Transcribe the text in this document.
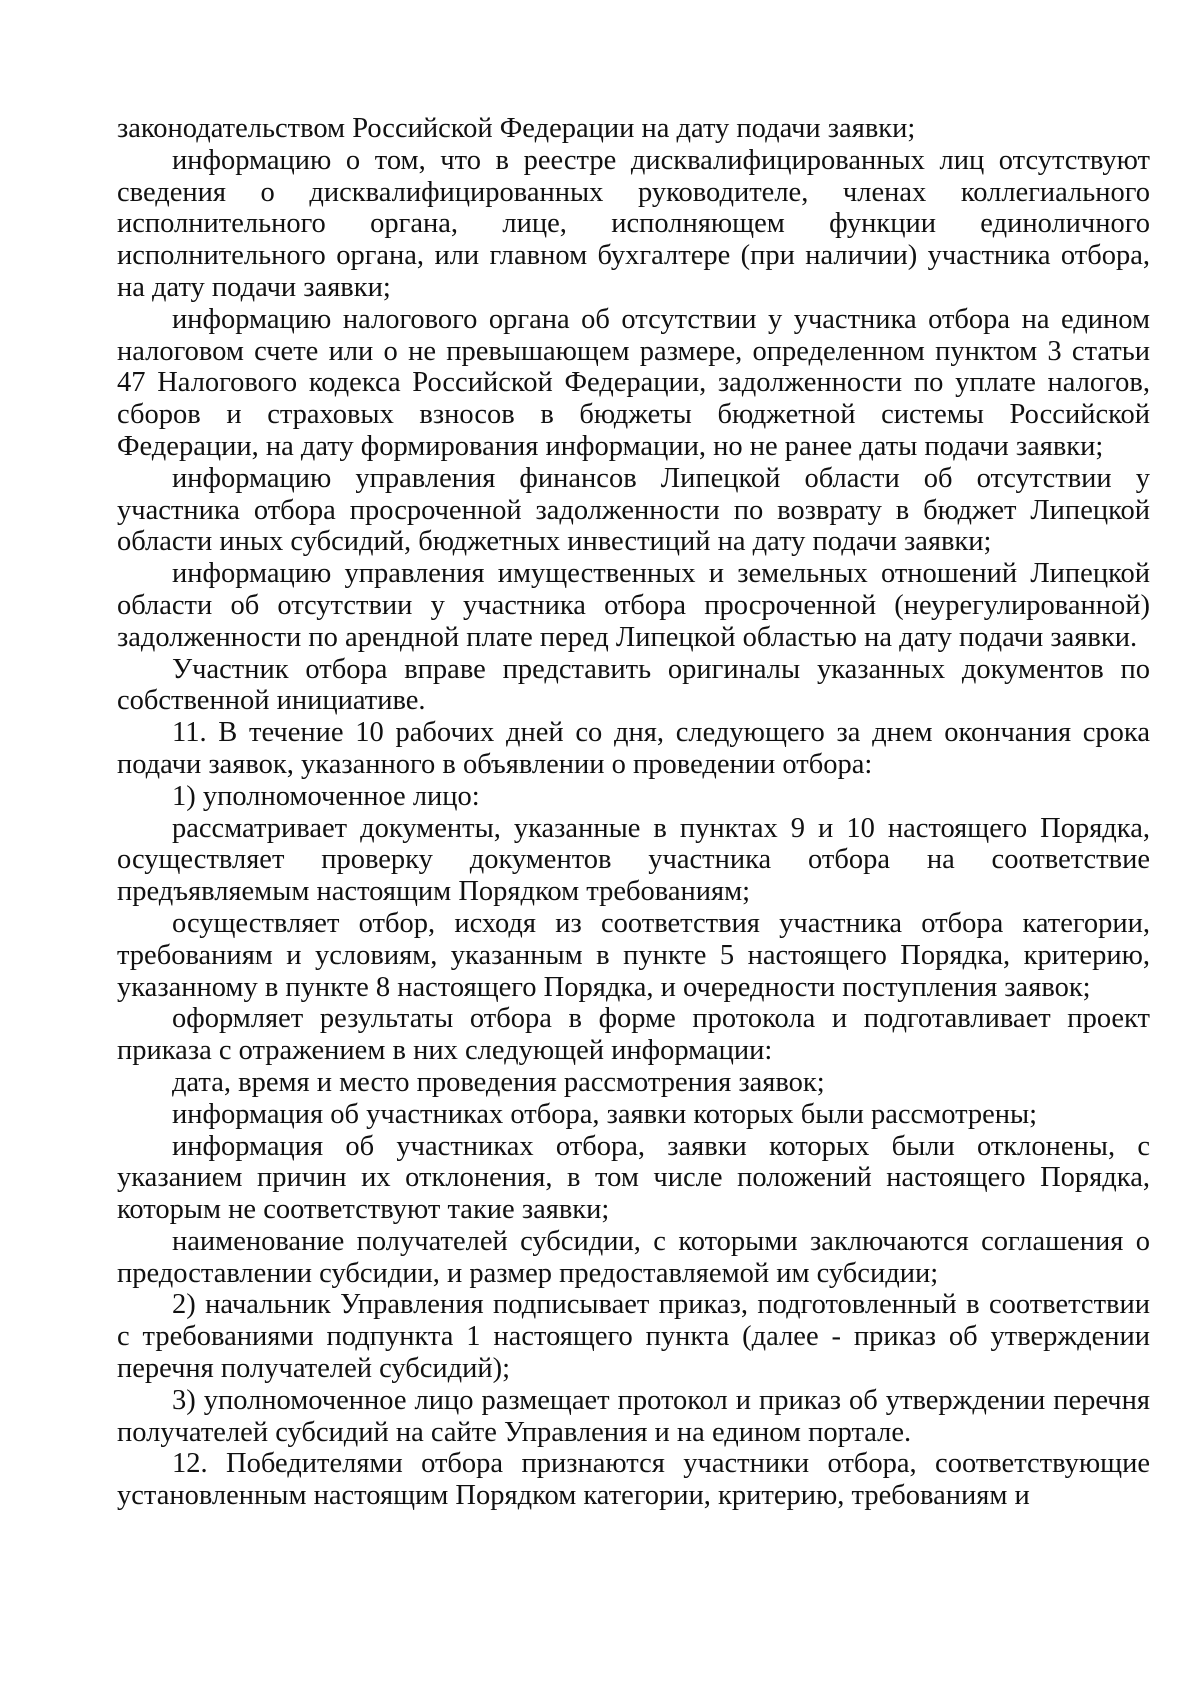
законодательством Российской Федерации на дату подачи заявки;

информацию о том, что в реестре дисквалифицированных лиц отсутствуют сведения о дисквалифицированных руководителе, членах коллегиального исполнительного органа, лице, исполняющем функции единоличного исполнительного органа, или главном бухгалтере (при наличии) участника отбора, на дату подачи заявки;

информацию налогового органа об отсутствии у участника отбора на едином налоговом счете или о не превышающем размере, определенном пунктом 3 статьи 47 Налогового кодекса Российской Федерации, задолженности по уплате налогов, сборов и страховых взносов в бюджеты бюджетной системы Российской Федерации, на дату формирования информации, но не ранее даты подачи заявки;

информацию управления финансов Липецкой области об отсутствии у участника отбора просроченной задолженности по возврату в бюджет Липецкой области иных субсидий, бюджетных инвестиций на дату подачи заявки;

информацию управления имущественных и земельных отношений Липецкой области об отсутствии у участника отбора просроченной (неурегулированной) задолженности по арендной плате перед Липецкой областью на дату подачи заявки.

Участник отбора вправе представить оригиналы указанных документов по собственной инициативе.

11. В течение 10 рабочих дней со дня, следующего за днем окончания срока подачи заявок, указанного в объявлении о проведении отбора:

1) уполномоченное лицо:

рассматривает документы, указанные в пунктах 9 и 10 настоящего Порядка, осуществляет проверку документов участника отбора на соответствие предъявляемым настоящим Порядком требованиям;

осуществляет отбор, исходя из соответствия участника отбора категории, требованиям и условиям, указанным в пункте 5 настоящего Порядка, критерию, указанному в пункте 8 настоящего Порядка, и очередности поступления заявок;

оформляет результаты отбора в форме протокола и подготавливает проект приказа с отражением в них следующей информации:

дата, время и место проведения рассмотрения заявок;

информация об участниках отбора, заявки которых были рассмотрены;

информация об участниках отбора, заявки которых были отклонены, с указанием причин их отклонения, в том числе положений настоящего Порядка, которым не соответствуют такие заявки;

наименование получателей субсидии, с которыми заключаются соглашения о предоставлении субсидии, и размер предоставляемой им субсидии;

2) начальник Управления подписывает приказ, подготовленный в соответствии с требованиями подпункта 1 настоящего пункта (далее - приказ об утверждении перечня получателей субсидий);

3) уполномоченное лицо размещает протокол и приказ об утверждении перечня получателей субсидий на сайте Управления и на едином портале.

12. Победителями отбора признаются участники отбора, соответствующие установленным настоящим Порядком категории, критерию, требованиям и
